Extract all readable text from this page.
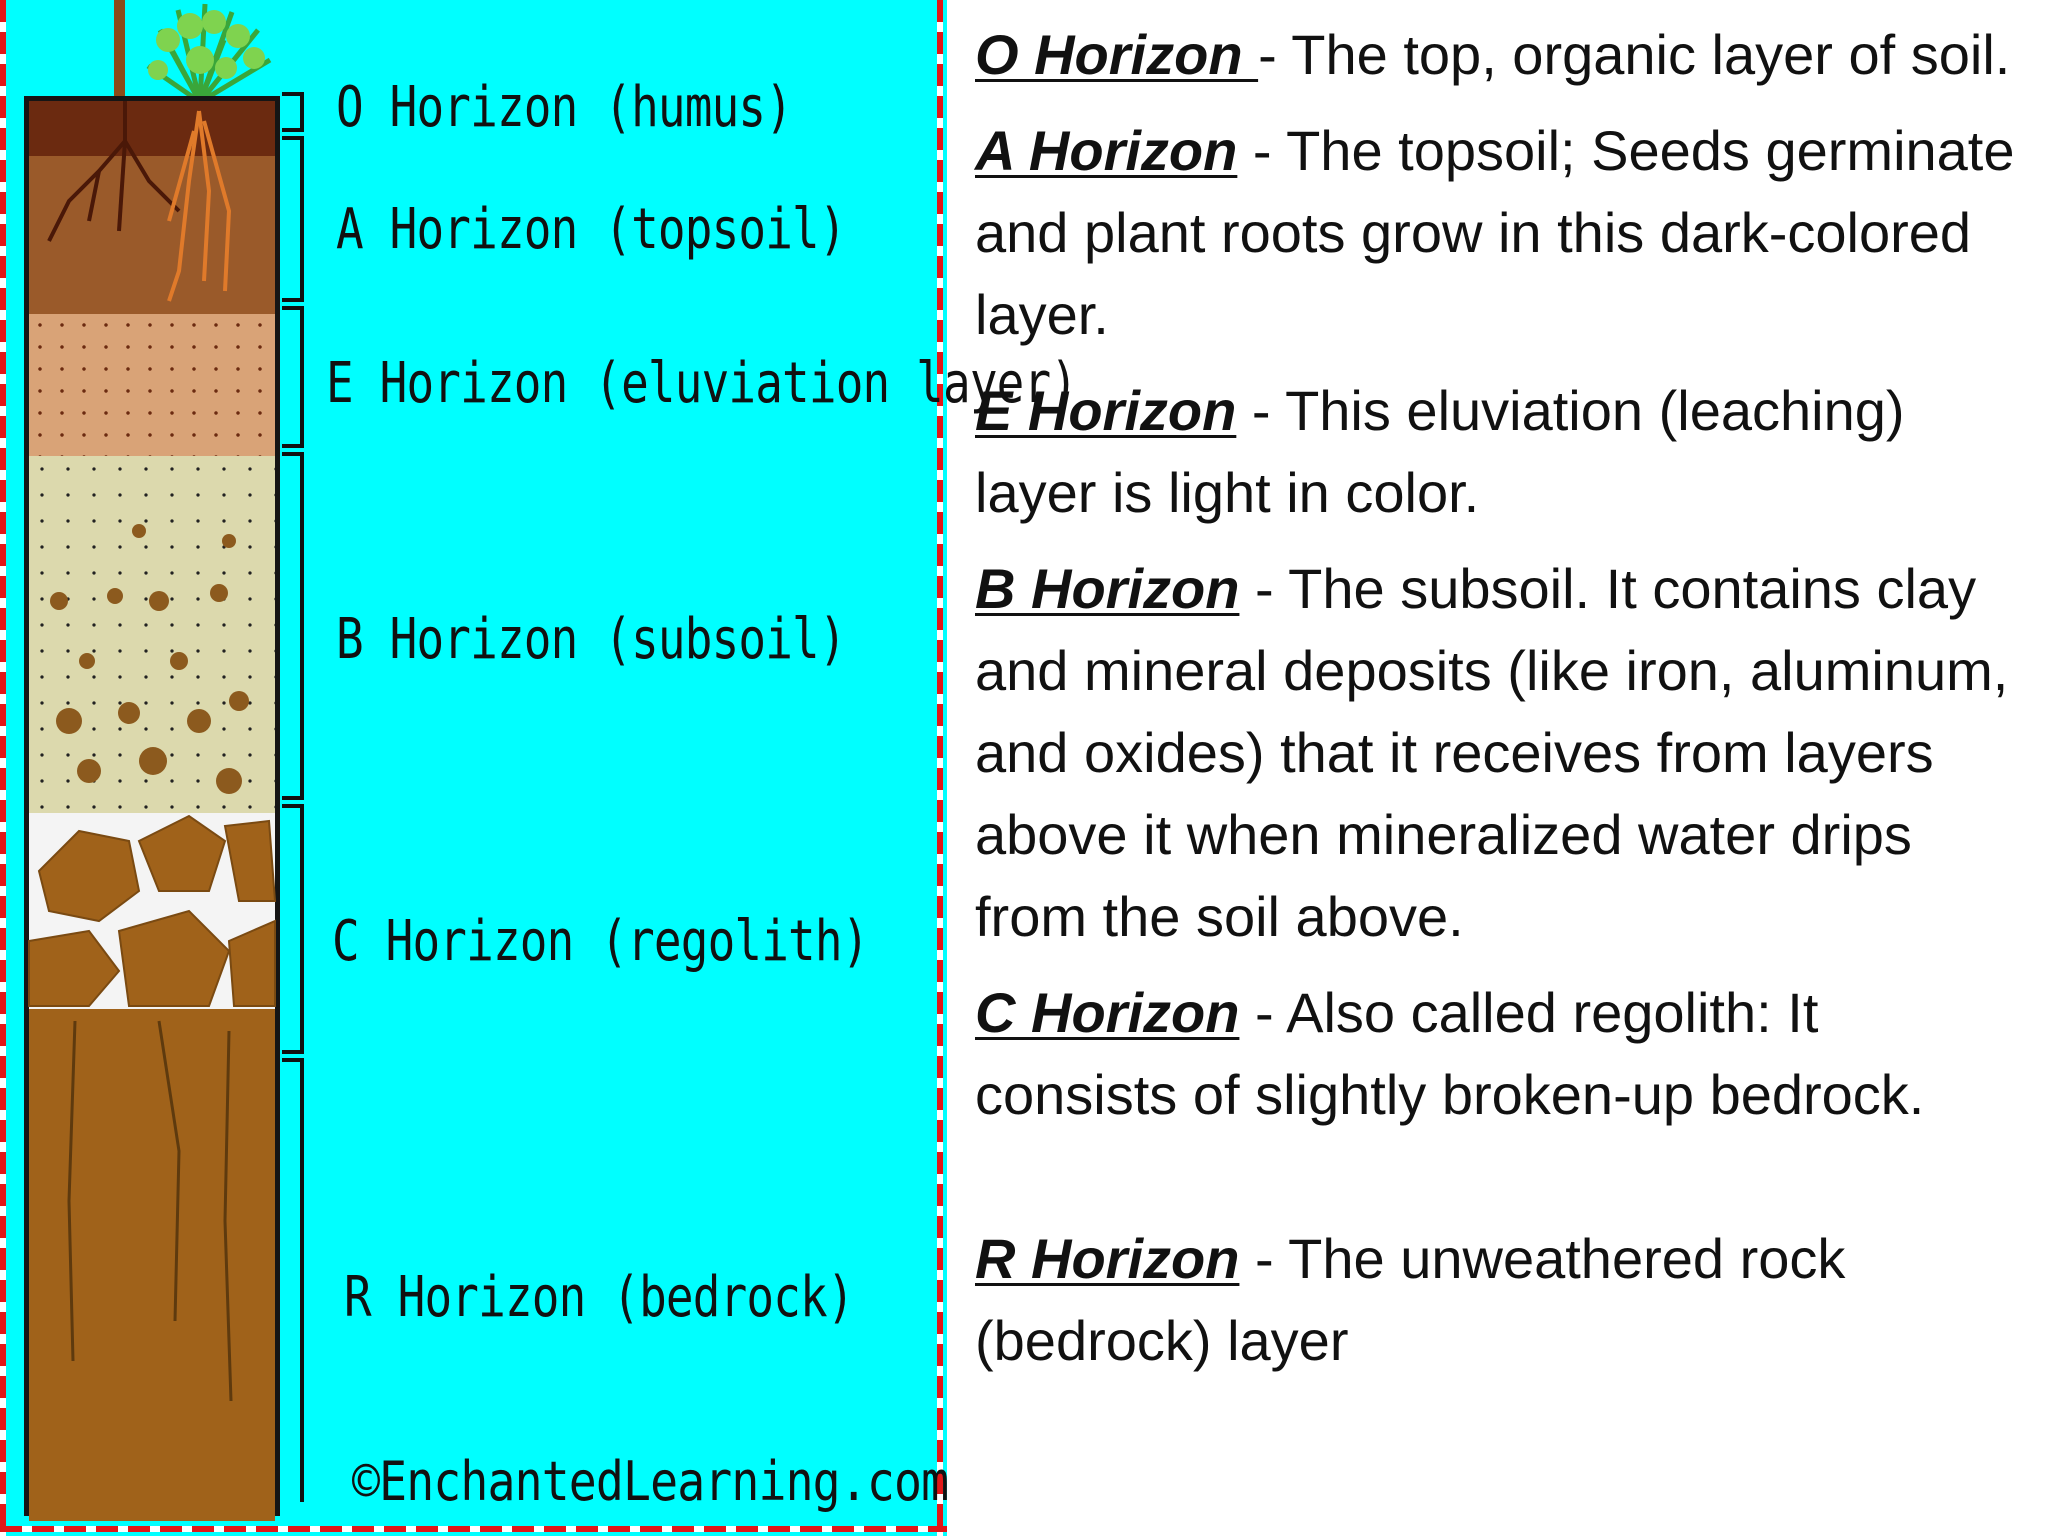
O Horizon (humus)
A Horizon (topsoil)
E Horizon (eluviation layer)
B Horizon (subsoil)
C Horizon (regolith)
R Horizon (bedrock)
©EnchantedLearning.com

O Horizon - The top, organic layer of soil.

A Horizon - The topsoil; Seeds germinate and plant roots grow in this dark-colored layer.

E Horizon - This eluviation (leaching) layer is light in color.

B Horizon - The subsoil. It contains clay and mineral deposits (like iron, aluminum, and oxides) that it receives from layers above it when mineralized water drips from the soil above.

C Horizon - Also called regolith: It consists of slightly broken-up bedrock.

R Horizon - The unweathered rock (bedrock) layer
